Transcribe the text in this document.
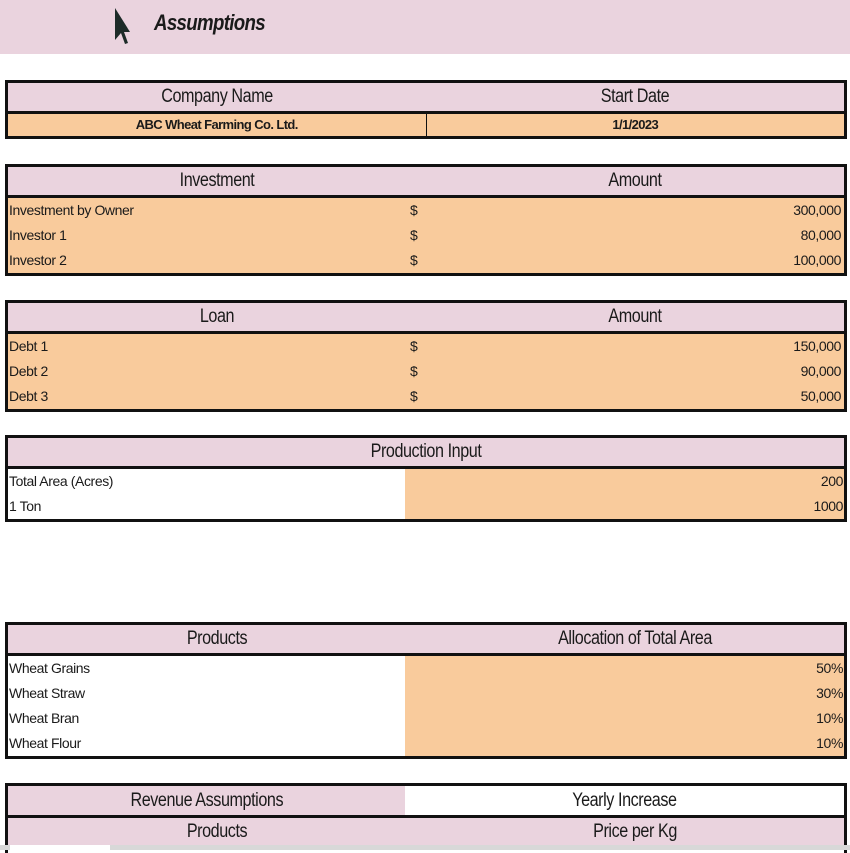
Assumptions
Company Name	Start Date
ABC Wheat Farming Co. Ltd.	1/1/2023
Investment	Amount
Investment by Owner	$	300,000
Investor 1	$	80,000
Investor 2	$	100,000
Loan	Amount
Debt 1	$	150,000
Debt 2	$	90,000
Debt 3	$	50,000
Production Input
Total Area (Acres)	200
1 Ton	1000
Products	Allocation of Total Area
Wheat Grains	50%
Wheat Straw	30%
Wheat Bran	10%
Wheat Flour	10%
Revenue Assumptions	Yearly Increase
Products	Price per Kg
